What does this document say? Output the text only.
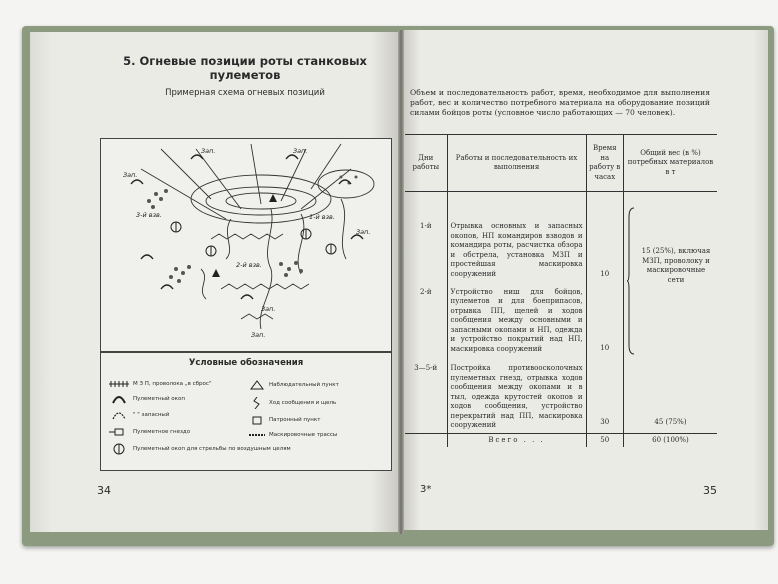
5. Огневые позиции роты станковых пулеметов
Примерная схема огневых позиций
1-й взв.
2-й взв.
3-й взв.
Зап.	Зап.
Зап.
Зап.
Зап.
Зап.
Условные обозначения
М З П, проволока „в сброс"
Пулеметный окоп
" " запасный
Пулеметное гнездо
Пулеметный окоп для стрельбы по воздушным целям
Наблюдательный пункт
Ход сообщения и щель
Патронный пункт
Маскировочные трассы
34
Объем и последовательность работ, время, необходимое для выполнения работ, вес и количество потребного материала на оборудование позиций силами бойцов роты (условное число работающих — 70 человек).
Дни работы	Работы и последовательность их выполнения	Время на работу в часах	Общий вес (в %) потребных материалов в т
1-й	Отрывка основных и запасных окопов, НП командиров взводов и командира роты, расчистка обзора и обстрела, установка МЗП и простейшая маскировка сооружений	10	15 (25%), включая МЗП, проволоку и маскировочные сети
2-й	Устройство ниш для бойцов, пулеметов и для боеприпасов, отрывка ПП, щелей и ходов сообщения между основными и запасными окопами и НП, одежда и устройство покрытий над НП, маскировка сооружений	10	
3—5-й	Постройка противоосколочных пулеметных гнезд, отрывка ходов сообщения между окопами и в тыл, одежда крутостей окопов и ходов сообщения, устройство перекрытий над ПП, маскировка сооружений	30	45 (75%)
	Всего . . .	50	60 (100%)
3*	35
